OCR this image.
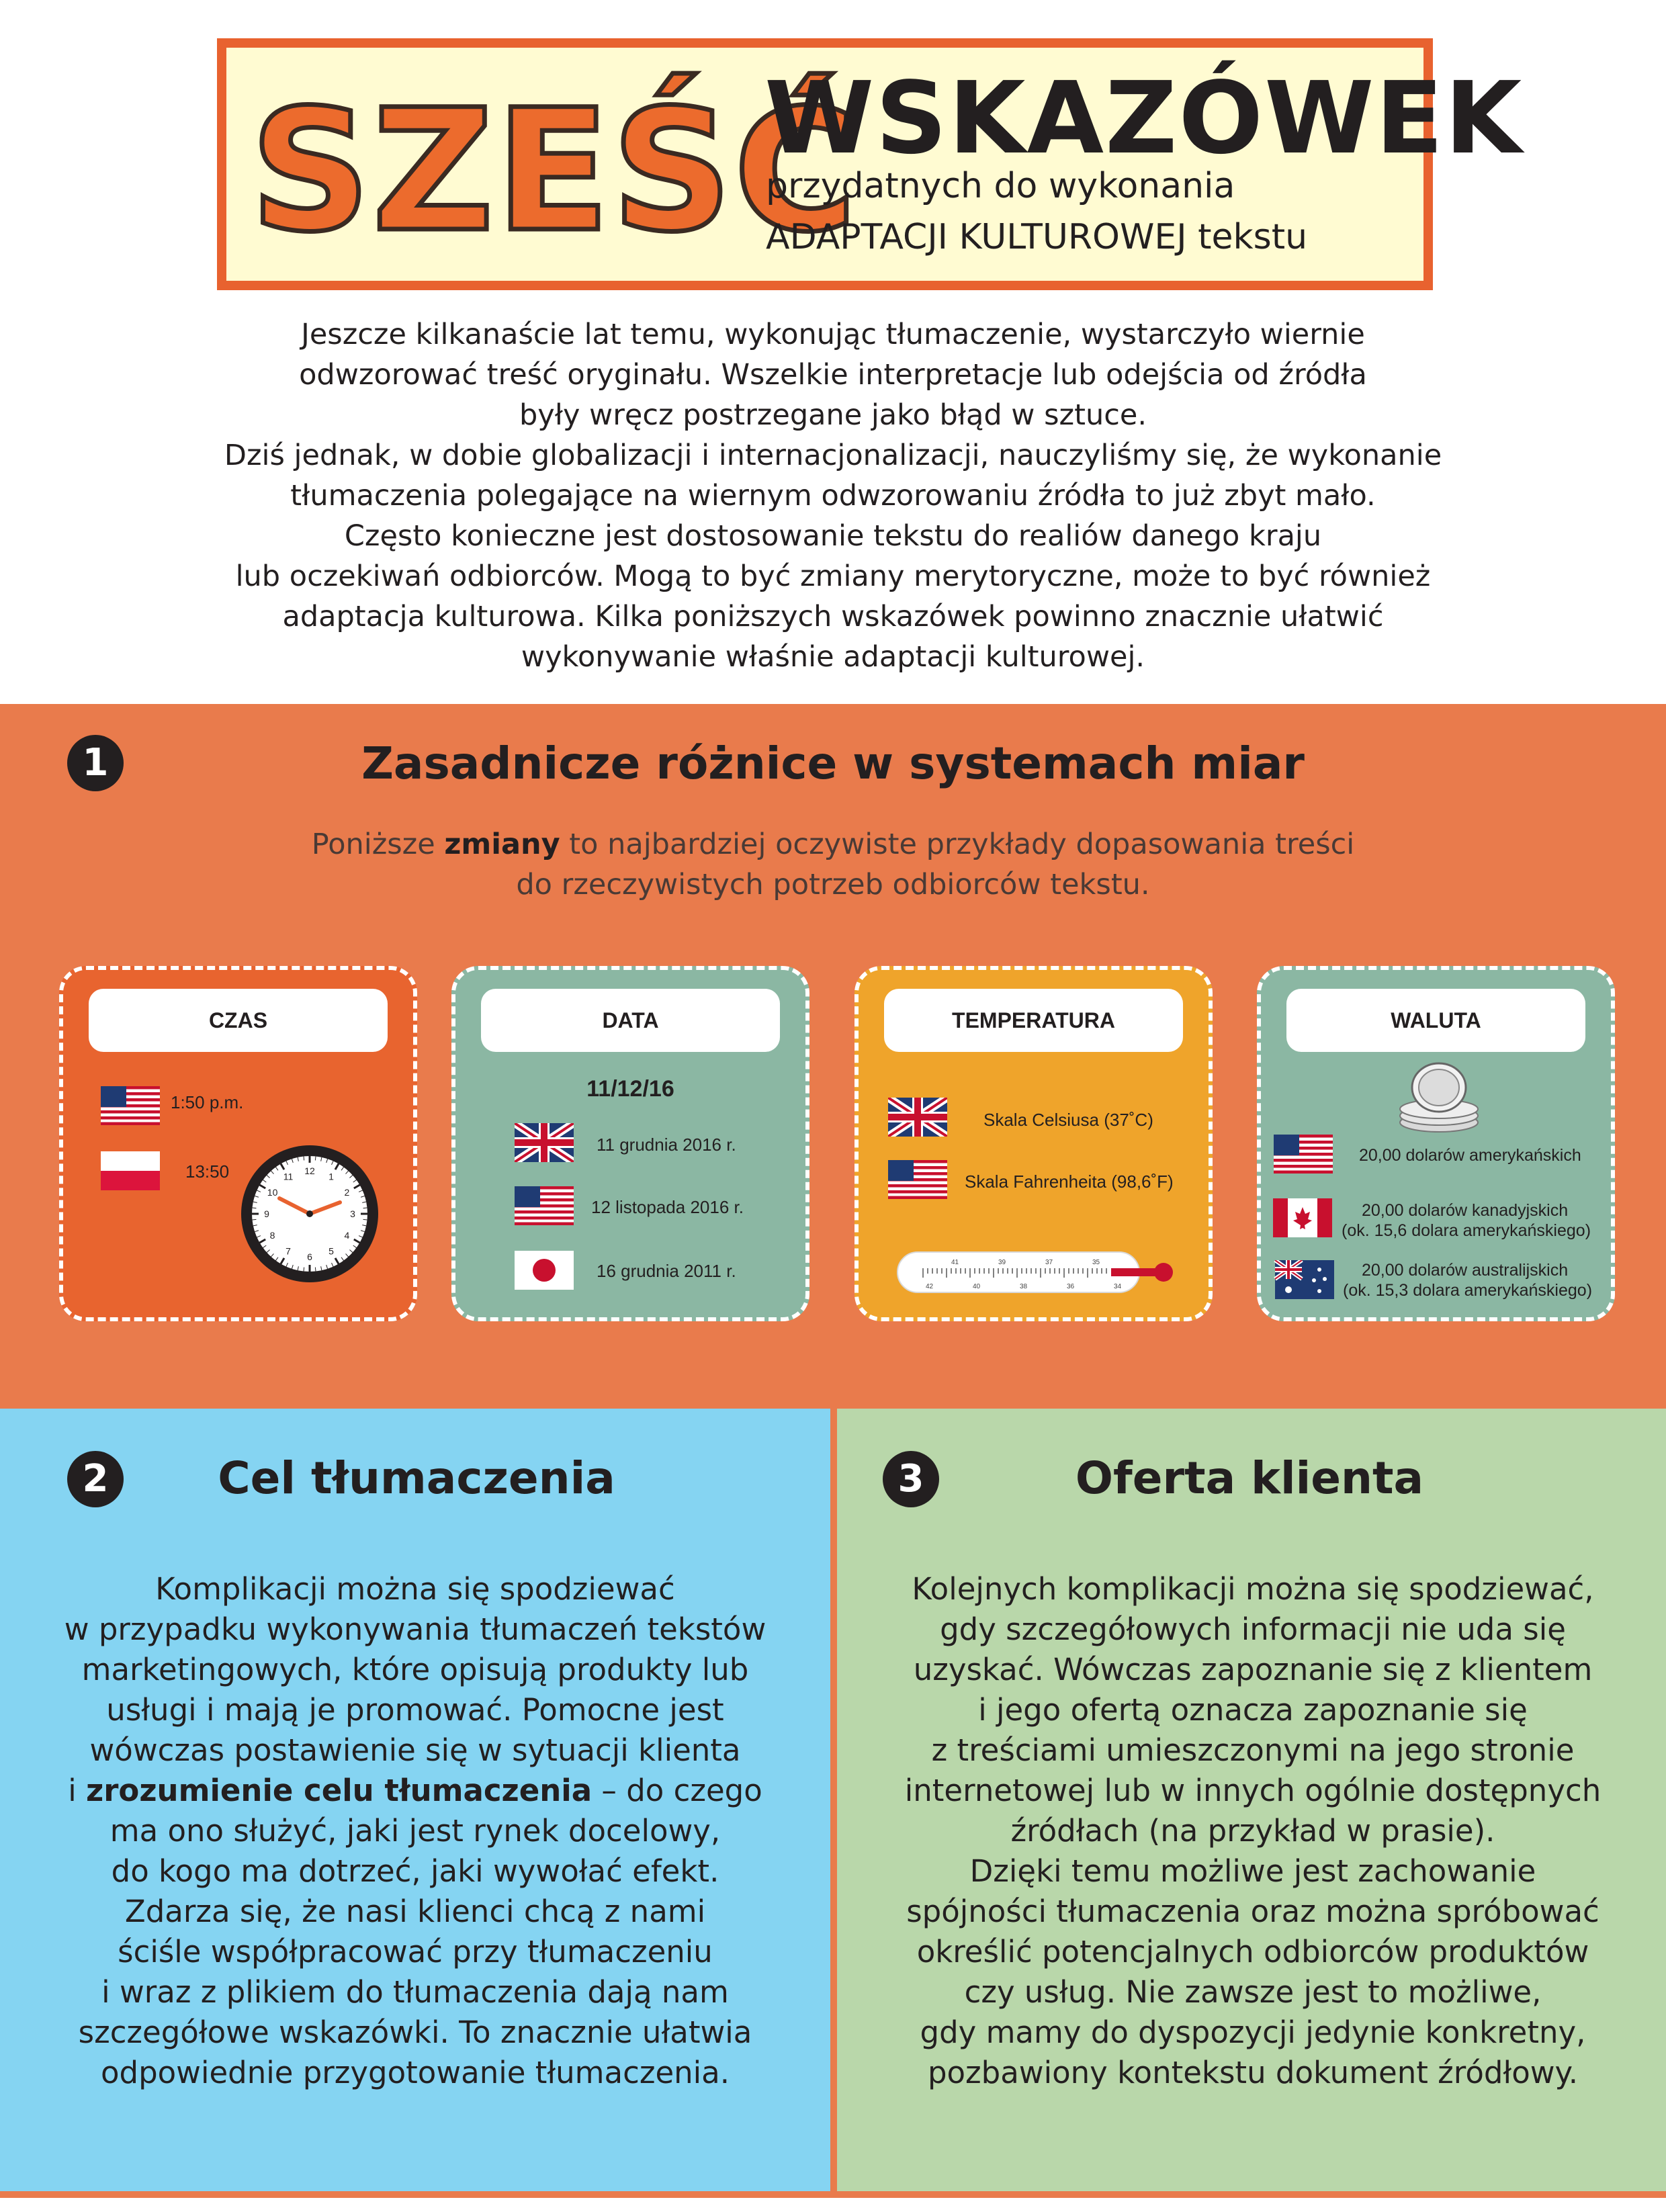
SZEŚĆ
WSKAZÓWEK
przydatnych do wykonania
ADAPTACJI KULTUROWEJ tekstu
Jeszcze kilkanaście lat temu, wykonując tłumaczenie, wystarczyło wiernie
odwzorować treść oryginału. Wszelkie interpretacje lub odejścia od źródła
były wręcz postrzegane jako błąd w sztuce.
Dziś jednak, w dobie globalizacji i internacjonalizacji, nauczyliśmy się, że wykonanie
tłumaczenia polegające na wiernym odwzorowaniu źródła to już zbyt mało.
Często konieczne jest dostosowanie tekstu do realiów danego kraju
lub oczekiwań odbiorców. Mogą to być zmiany merytoryczne, może to być również
adaptacja kulturowa. Kilka poniższych wskazówek powinno znacznie ułatwić
wykonywanie właśnie adaptacji kulturowej.
1	Zasadnicze różnice w systemach miar
Poniższe zmiany to najbardziej oczywiste przykłady dopasowania treści
do rzeczywistych potrzeb odbiorców tekstu.
CZAS
1:50 p.m.
13:50	12
1
2
3
4
5
6
7
8
9
10
11
DATA
11/12/16
11 grudnia 2016 r.
12 listopada 2016 r.
16 grudnia 2011 r.
TEMPERATURA
Skala Celsiusa (37˚C)
Skala Fahrenheita (98,6˚F)
41	39	37	35
42	40	38	36	34
WALUTA
20,00 dolarów amerykańskich
20,00 dolarów kanadyjskich
(ok. 15,6 dolara amerykańskiego)
20,00 dolarów australijskich
(ok. 15,3 dolara amerykańskiego)
2	Cel tłumaczenia
Komplikacji można się spodziewać
w przypadku wykonywania tłumaczeń tekstów
marketingowych, które opisują produkty lub
usługi i mają je promować. Pomocne jest
wówczas postawienie się w sytuacji klienta
i zrozumienie celu tłumaczenia – do czego
ma ono służyć, jaki jest rynek docelowy,
do kogo ma dotrzeć, jaki wywołać efekt.
Zdarza się, że nasi klienci chcą z nami
ściśle współpracować przy tłumaczeniu
i wraz z plikiem do tłumaczenia dają nam
szczegółowe wskazówki. To znacznie ułatwia
odpowiednie przygotowanie tłumaczenia.
3	Oferta klienta
Kolejnych komplikacji można się spodziewać,
gdy szczegółowych informacji nie uda się
uzyskać. Wówczas zapoznanie się z klientem
i jego ofertą oznacza zapoznanie się
z treściami umieszczonymi na jego stronie
internetowej lub w innych ogólnie dostępnych
źródłach (na przykład w prasie).
Dzięki temu możliwe jest zachowanie
spójności tłumaczenia oraz można spróbować
określić potencjalnych odbiorców produktów
czy usług. Nie zawsze jest to możliwe,
gdy mamy do dyspozycji jedynie konkretny,
pozbawiony kontekstu dokument źródłowy.
